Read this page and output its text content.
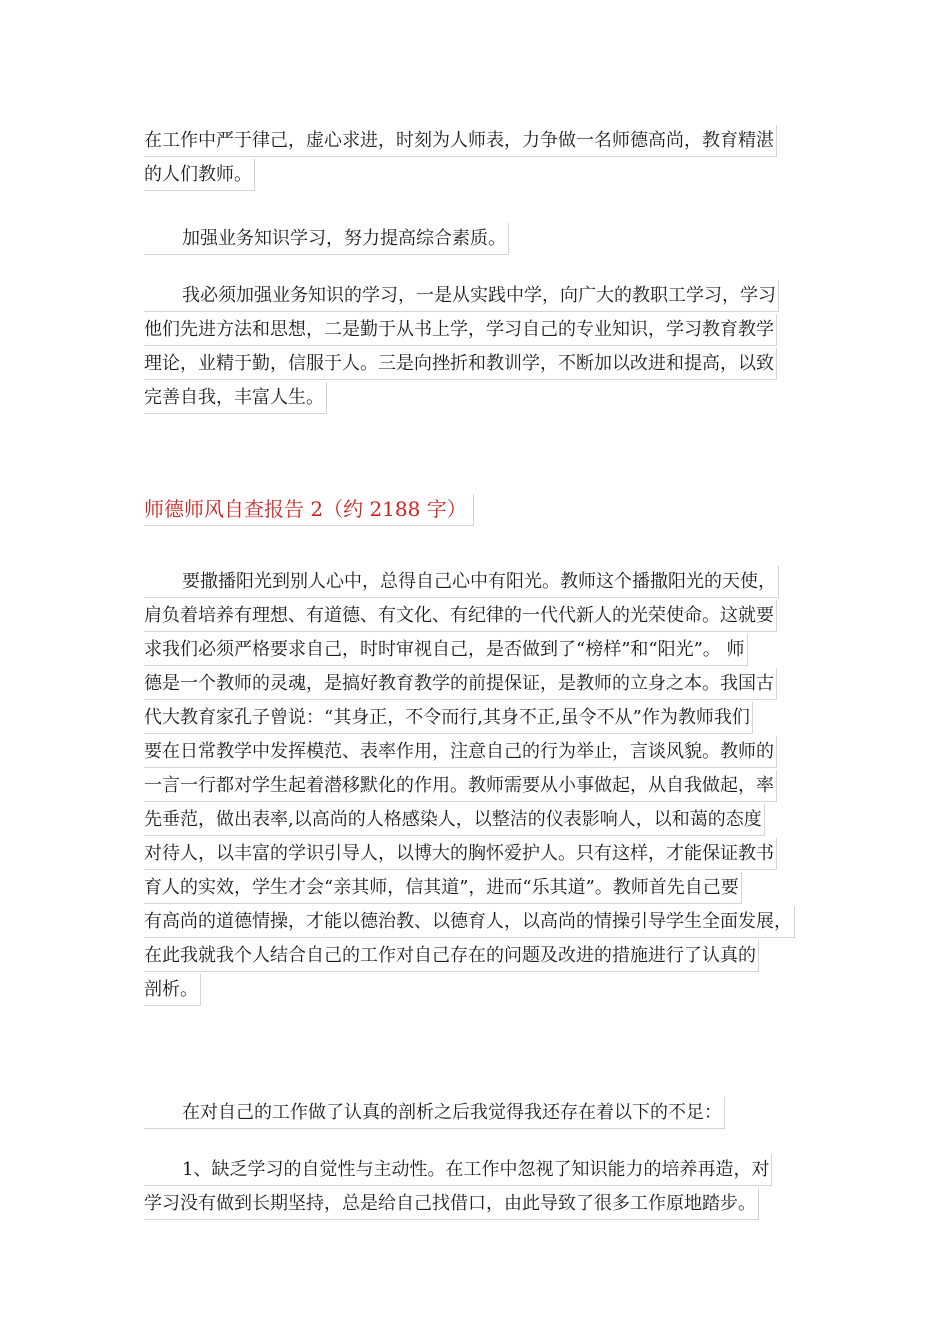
在工作中严于律己，虚心求进，时刻为人师表，力争做一名师德高尚，教育精湛
的人们教师。
加强业务知识学习，努力提高综合素质。
我必须加强业务知识的学习，一是从实践中学，向广大的教职工学习，学习
他们先进方法和思想，二是勤于从书上学，学习自己的专业知识，学习教育教学
理论，业精于勤，信服于人。三是向挫折和教训学，不断加以改进和提高，以致
完善自我，丰富人生。
师德师风自查报告 2（约 2188 字）
要撒播阳光到别人心中，总得自己心中有阳光。教师这个播撒阳光的天使，
肩负着培养有理想、有道德、有文化、有纪律的一代代新人的光荣使命。这就要
求我们必须严格要求自己，时时审视自己，是否做到了“榜样”和“阳光”。 师
德是一个教师的灵魂，是搞好教育教学的前提保证，是教师的立身之本。我国古
代大教育家孔子曾说：“其身正，不令而行,其身不正,虽令不从”作为教师我们
要在日常教学中发挥模范、表率作用，注意自己的行为举止，言谈风貌。教师的
一言一行都对学生起着潜移默化的作用。教师需要从小事做起，从自我做起，率
先垂范，做出表率,以高尚的人格感染人，以整洁的仪表影响人，以和蔼的态度
对待人，以丰富的学识引导人，以博大的胸怀爱护人。只有这样，才能保证教书
育人的实效，学生才会“亲其师，信其道”，进而“乐其道”。教师首先自己要
有高尚的道德情操，才能以德治教、以德育人，以高尚的情操引导学生全面发展，
在此我就我个人结合自己的工作对自己存在的问题及改进的措施进行了认真的
剖析。
在对自己的工作做了认真的剖析之后我觉得我还存在着以下的不足：
1、缺乏学习的自觉性与主动性。在工作中忽视了知识能力的培养再造，对
学习没有做到长期坚持，总是给自己找借口，由此导致了很多工作原地踏步。
